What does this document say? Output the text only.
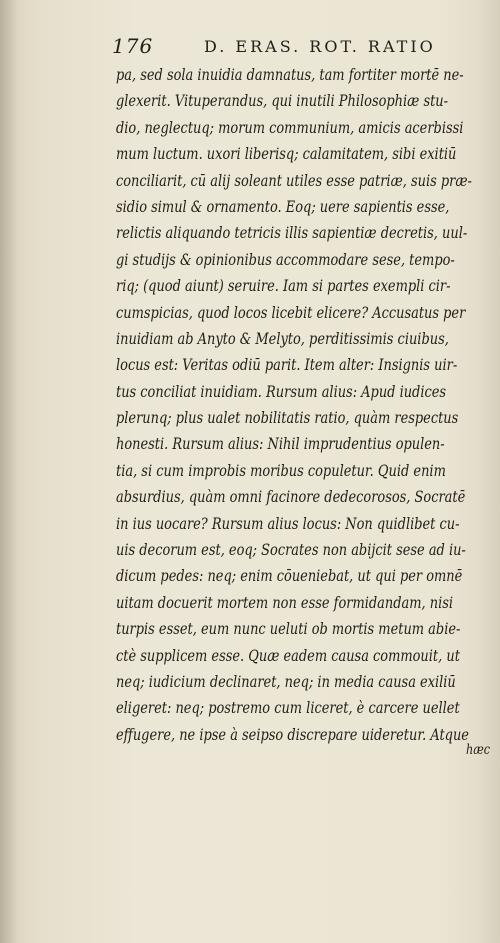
176	D. ERAS. ROT. RATIO
pa, sed sola inuidia damnatus, tam fortiter mortē ne-
glexerit. Vituperandus, qui inutili Philosophiæ stu-
dio, neglectuq; morum communium, amicis acerbissi
mum luctum. uxori liberisq; calamitatem, sibi exitiū
conciliarit, cū alij soleant utiles esse patriæ, suis præ-
sidio simul & ornamento. Eoq; uere sapientis esse,
relictis aliquando tetricis illis sapientiæ decretis, uul-
gi studijs & opinionibus accommodare sese, tempo-
riq; (quod aiunt) seruire. Iam si partes exempli cir-
cumspicias, quod locos licebit elicere? Accusatus per
inuidiam ab Anyto & Melyto, perditissimis ciuibus,
locus est: Veritas odiū parit. Item alter: Insignis uir-
tus conciliat inuidiam. Rursum alius: Apud iudices
plerunq; plus ualet nobilitatis ratio, quàm respectus
honesti. Rursum alius: Nihil imprudentius opulen-
tia, si cum improbis moribus copuletur. Quid enim
absurdius, quàm omni facinore dedecorosos, Socratē
in ius uocare? Rursum alius locus: Non quidlibet cu-
uis decorum est, eoq; Socrates non abijcit sese ad iu-
dicum pedes: neq; enim cōueniebat, ut qui per omnē
uitam docuerit mortem non esse formidandam, nisi
turpis esset, eum nunc ueluti ob mortis metum abie-
ctè supplicem esse. Quæ eadem causa commouit, ut
neq; iudicium declinaret, neq; in media causa exiliū
eligeret: neq; postremo cum liceret, è carcere uellet
effugere, ne ipse à seipso discrepare uideretur. Atque
hæc
